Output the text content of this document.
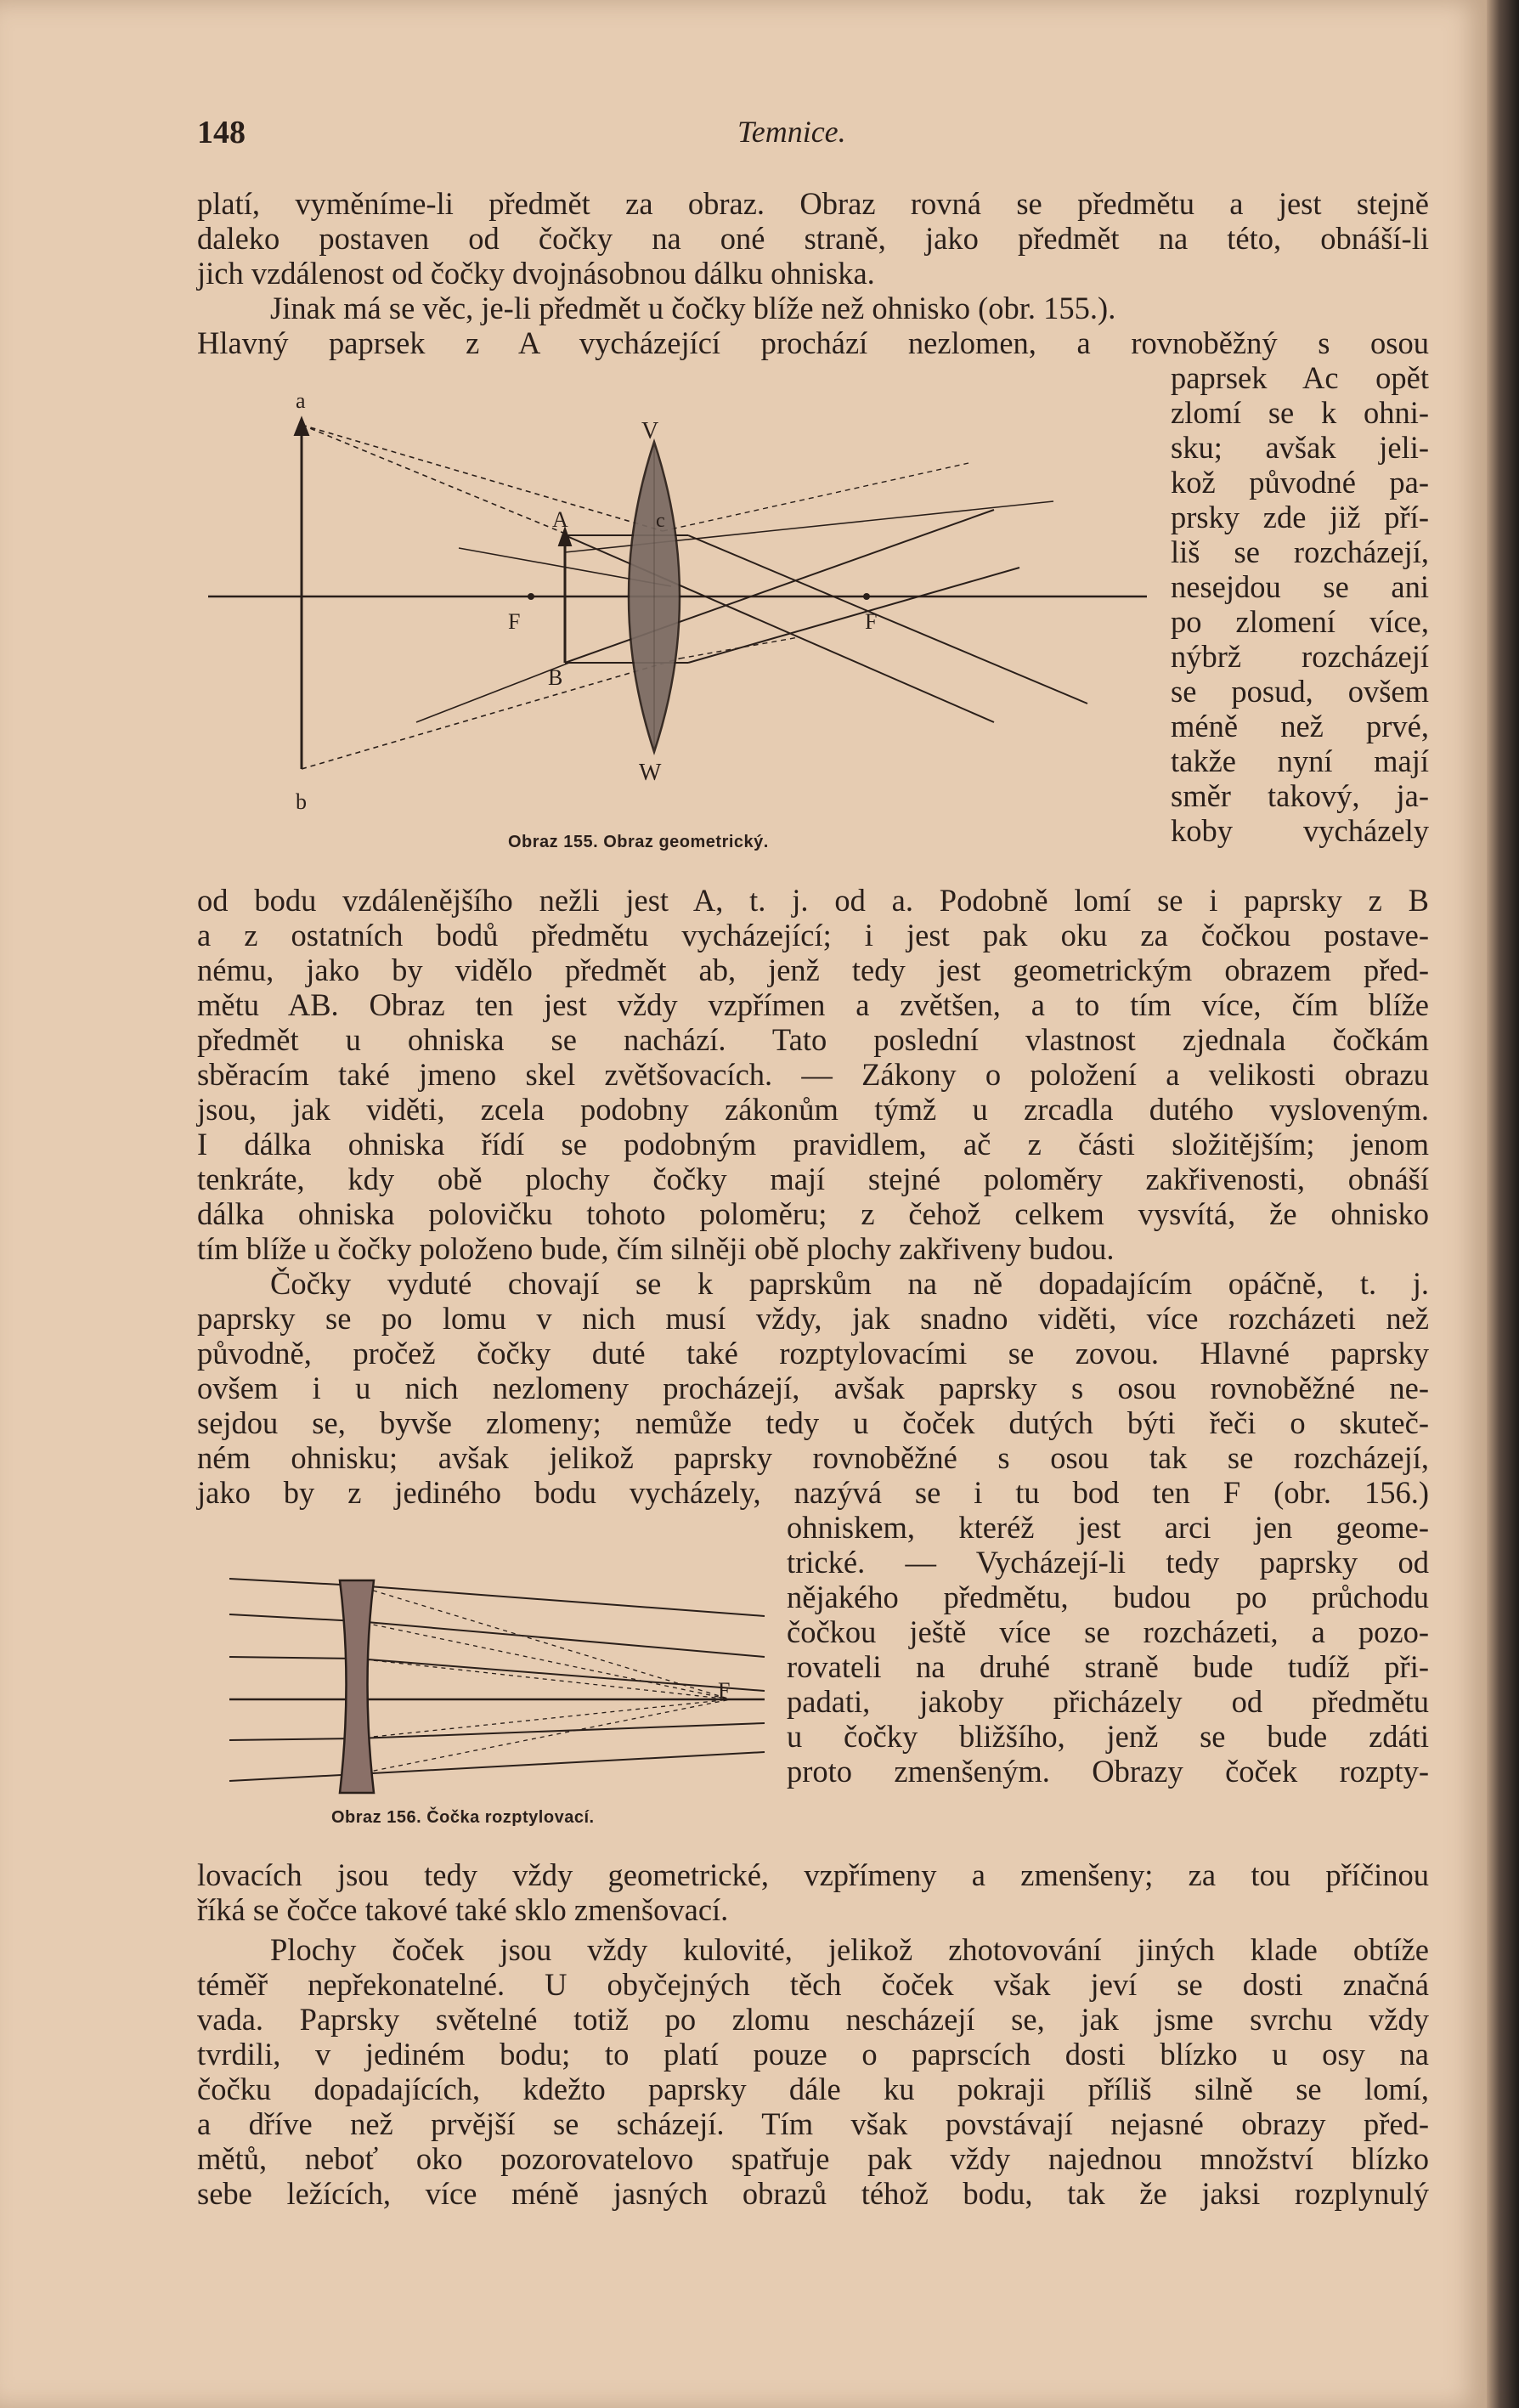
148	Temnice.
platí, vyměníme-li předmět za obraz. Obraz rovná se předmětu a jest stejně
daleko postaven od čočky na oné straně, jako předmět na této, obnáší-li
jich vzdálenost od čočky dvojnásobnou dálku ohniska.
Jinak má se věc, je-li předmět u čočky blíže než ohnisko (obr. 155.).
Hlavný paprsek z A vycházející prochází nezlomen, a rovnoběžný s osou
paprsek Ac opět
zlomí se k ohni-
sku; avšak jeli-
kož původné pa-
prsky zde již pří-
liš se rozcházejí,
nesejdou se ani
po zlomení více,
nýbrž rozcházejí
se posud, ovšem
méně než prvé,
takže nyní mají
směr takový, ja-
koby vycházely
a
b
V
W
A
B
c
F	F
Obraz 155. Obraz geometrický.
od bodu vzdálenějšího nežli jest A, t. j. od a. Podobně lomí se i paprsky z B
a z ostatních bodů předmětu vycházející; i jest pak oku za čočkou postave-
nému, jako by vidělo předmět ab, jenž tedy jest geometrickým obrazem před-
mětu AB. Obraz ten jest vždy vzpřímen a zvětšen, a to tím více, čím blíže
předmět u ohniska se nachází. Tato poslední vlastnost zjednala čočkám
sběracím také jmeno skel zvětšovacích. — Zákony o položení a velikosti obrazu
jsou, jak viděti, zcela podobny zákonům týmž u zrcadla dutého vysloveným.
I dálka ohniska řídí se podobným pravidlem, ač z části složitějším; jenom
tenkráte, kdy obě plochy čočky mají stejné poloměry zakřivenosti, obnáší
dálka ohniska polovičku tohoto poloměru; z čehož celkem vysvítá, že ohnisko
tím blíže u čočky položeno bude, čím silněji obě plochy zakřiveny budou.
Čočky vyduté chovají se k paprskům na ně dopadajícím opáčně, t. j.
paprsky se po lomu v nich musí vždy, jak snadno viděti, více rozcházeti než
původně, pročež čočky duté také rozptylovacími se zovou. Hlavné paprsky
ovšem i u nich nezlomeny procházejí, avšak paprsky s osou rovnoběžné ne-
sejdou se, byvše zlomeny; nemůže tedy u čoček dutých býti řeči o skuteč-
ném ohnisku; avšak jelikož paprsky rovnoběžné s osou tak se rozcházejí,
jako by z jediného bodu vycházely, nazývá se i tu bod ten F (obr. 156.)
ohniskem, kteréž jest arci jen geome-
trické. — Vycházejí-li tedy paprsky od
nějakého předmětu, budou po průchodu
čočkou ještě více se rozcházeti, a pozo-
rovateli na druhé straně bude tudíž při-
padati, jakoby přicházely od předmětu
u čočky bližšího, jenž se bude zdáti
proto zmenšeným. Obrazy čoček rozpty-
F
Obraz 156. Čočka rozptylovací.
lovacích jsou tedy vždy geometrické, vzpřímeny a zmenšeny; za tou příčinou
říká se čočce takové také sklo zmenšovací.
Plochy čoček jsou vždy kulovité, jelikož zhotovování jiných klade obtíže
téměř nepřekonatelné. U obyčejných těch čoček však jeví se dosti značná
vada. Paprsky světelné totiž po zlomu nescházejí se, jak jsme svrchu vždy
tvrdili, v jediném bodu; to platí pouze o paprscích dosti blízko u osy na
čočku dopadajících, kdežto paprsky dále ku pokraji příliš silně se lomí,
a dříve než prvější se scházejí. Tím však povstávají nejasné obrazy před-
mětů, neboť oko pozorovatelovo spatřuje pak vždy najednou množství blízko
sebe ležících, více méně jasných obrazů téhož bodu, tak že jaksi rozplynulý
